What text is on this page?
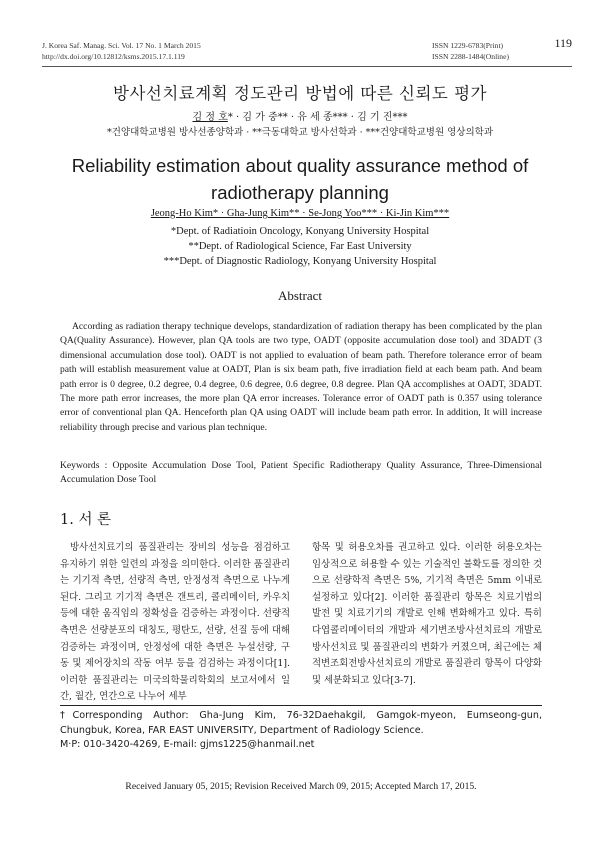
J. Korea Saf. Manag. Sci. Vol. 17 No. 1 March 2015
http://dx.doi.org/10.12812/ksms.2015.17.1.119
ISSN 1229-6783(Print)
ISSN 2288-1484(Online)
119
방사선치료계획 정도관리 방법에 따른 신뢰도 평가
김 정 호* · 김 가 중** · 유 세 종*** · 김 기 진***
*건양대학교병원 방사선종양학과 · **극동대학교 방사선학과 · ***건양대학교병원 영상의학과
Reliability estimation about quality assurance method of radiotherapy planning
Jeong-Ho Kim* · Gha-Jung Kim** · Se-Jong Yoo*** · Ki-Jin Kim***
*Dept. of Radiatioin Oncology, Konyang University Hospital
**Dept. of Radiological Science, Far East University
***Dept. of Diagnostic Radiology, Konyang University Hospital
Abstract

According as radiation therapy technique develops, standardization of radiation therapy has been complicated by the plan QA(Quality Assurance). However, plan QA tools are two type, OADT (opposite accumulation dose tool) and 3DADT (3 dimensional accumulation dose tool). OADT is not applied to evaluation of beam path. Therefore tolerance error of beam path will establish measurement value at OADT, Plan is six beam path, five irradiation field at each beam path. And beam path error is 0 degree, 0.2 degree, 0.4 degree, 0.6 degree, 0.6 degree, 0.8 degree. Plan QA accomplishes at OADT, 3DADT. The more path error increases, the more plan QA error increases. Tolerance error of OADT path is 0.357 using tolerance error of conventional plan QA. Henceforth plan QA using OADT will include beam path error. In addition, It will increase reliability through precise and various plan technique.

Keywords : Opposite Accumulation Dose Tool, Patient Specific Radiotherapy Quality Assurance, Three-Dimensional Accumulation Dose Tool

1. 서 론

방사선치료기의 품질관리는 장비의 성능을 점검하고 유지하기 위한 일련의 과정을 의미한다. 이러한 품질관리는 기기적 측면, 선량적 측면, 안정성적 측면으로 나누게 된다. 그리고 기기적 측면은 갠트리, 콜리메이터, 카우치 등에 대한 움직임의 정확성을 검증하는 과정이다. 선량적 측면은 선량분포의 대칭도, 평탄도, 선량, 선질 등에 대해 검증하는 과정이며, 안정성에 대한 측면은 누설선량, 구동 및 제어장치의 작동 여부 등을 검검하는 과정이다[1]. 이러한 품질관리는 미국의학물리학회의 보고서에서 일간, 월간, 연간으로 나누어 세부

항목 및 허용오차를 권고하고 있다. 이러한 허용오차는 임상적으로 허용할 수 있는 기술적인 불확도를 정의한 것으로 선량학적 측면은 5%, 기기적 측면은 5mm 이내로 설정하고 있다[2]. 이러한 품질관리 항목은 치료기법의 발전 및 치료기기의 개발로 인해 변화해가고 있다. 특히 다엽콜리메이터의 개발과 세기변조방사선치료의 개발로 방사선치료 및 품질관리의 변화가 커졌으며, 최근에는 체적변조회전방사선치료의 개발로 품질관리 항목이 다양화 및 세분화되고 있다[3-7].

†Corresponding Author: Gha-Jung Kim, 76-32Daehakgil, Gamgok-myeon, Eumseong-gun, Chungbuk, Korea, FAR EAST UNIVERSITY, Department of Radiology Science.
M·P: 010-3420-4269, E-mail: gjms1225@hanmail.net
Received January 05, 2015; Revision Received March 09, 2015; Accepted March 17, 2015.
